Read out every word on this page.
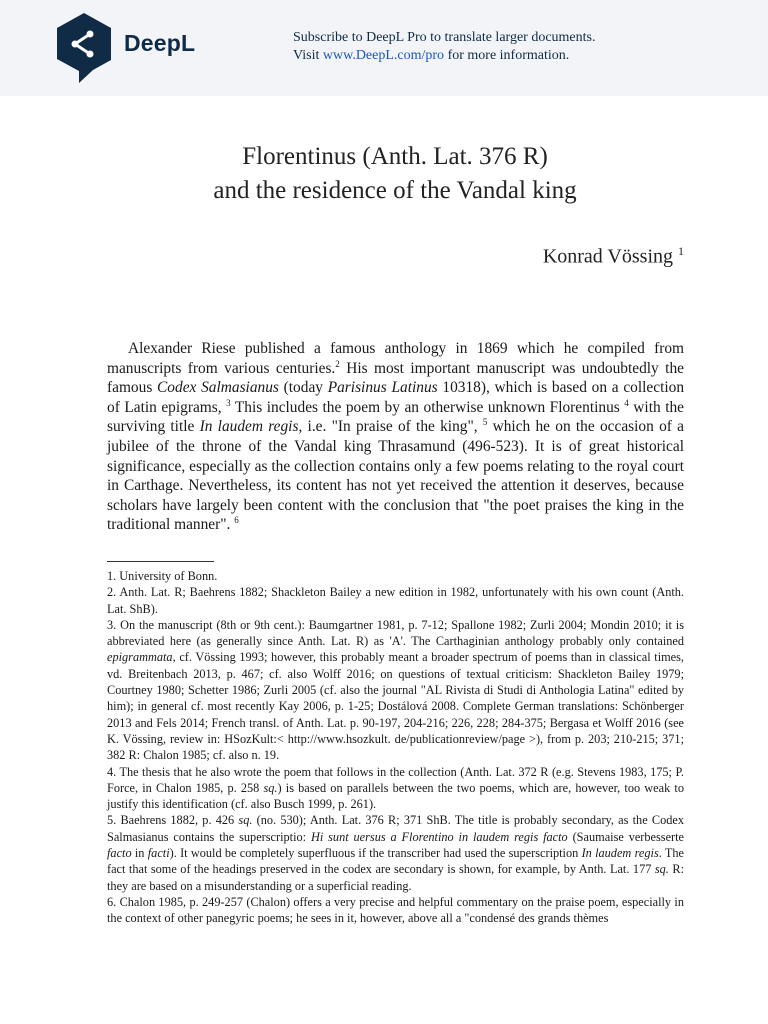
DeepL	Subscribe to DeepL Pro to translate larger documents.
Visit www.DeepL.com/pro for more information.
Florentinus (Anth. Lat. 376 R)
and the residence of the Vandal king
Konrad Vössing $^1$

Alexander Riese published a famous anthology in 1869 which he compiled from manuscripts from various centuries.$^2$ His most important manuscript was undoubtedly the famous Codex Salmasianus (today Parisinus Latinus 10318), which is based on a collection of Latin epigrams, $^3$ This includes the poem by an otherwise unknown Florentinus $^4$ with the surviving title In laudem regis, i.e. "In praise of the king", $^5$ which he on the occasion of a jubilee of the throne of the Vandal king Thrasamund (496-523). It is of great historical significance, especially as the collection contains only a few poems relating to the royal court in Carthage. Nevertheless, its content has not yet received the attention it deserves, because scholars have largely been content with the conclusion that "the poet praises the king in the traditional manner". $^6$

1. University of Bonn.
2. Anth. Lat. R; Baehrens 1882; Shackleton Bailey a new edition in 1982, unfortunately with his own count (Anth. Lat. ShB).
3. On the manuscript (8th or 9th cent.): Baumgartner 1981, p. 7-12; Spallone 1982; Zurli 2004; Mondin 2010; it is abbreviated here (as generally since Anth. Lat. R) as 'A'. The Carthaginian anthology probably only contained epigrammata, cf. Vössing 1993; however, this probably meant a broader spectrum of poems than in classical times, vd. Breitenbach 2013, p. 467; cf. also Wolff 2016; on questions of textual criticism: Shackleton Bailey 1979; Courtney 1980; Schetter 1986; Zurli 2005 (cf. also the journal "AL Rivista di Studi di Anthologia Latina" edited by him); in general cf. most recently Kay 2006, p. 1-25; Dostálová 2008. Complete German translations: Schönberger 2013 and Fels 2014; French transl. of Anth. Lat. p. 90-197, 204-216; 226, 228; 284-375; Bergasa et Wolff 2016 (see K. Vössing, review in: HSozKult:< http://www.hsozkult. de/publicationreview/page >), from p. 203; 210-215; 371; 382 R: Chalon 1985; cf. also n. 19.
4. The thesis that he also wrote the poem that follows in the collection (Anth. Lat. 372 R (e.g. Stevens 1983, 175; P. Force, in Chalon 1985, p. 258 sq.) is based on parallels between the two poems, which are, however, too weak to justify this identification (cf. also Busch 1999, p. 261).
5. Baehrens 1882, p. 426 sq. (no. 530); Anth. Lat. 376 R; 371 ShB. The title is probably secondary, as the Codex Salmasianus contains the superscriptio: Hi sunt uersus a Florentino in laudem regis facto (Saumaise verbesserte facto in facti). It would be completely superfluous if the transcriber had used the superscription In laudem regis. The fact that some of the headings preserved in the codex are secondary is shown, for example, by Anth. Lat. 177 sq. R: they are based on a misunderstanding or a superficial reading.
6. Chalon 1985, p. 249-257 (Chalon) offers a very precise and helpful commentary on the praise poem, especially in the context of other panegyric poems; he sees in it, however, above all a "condensé des grands thèmes
